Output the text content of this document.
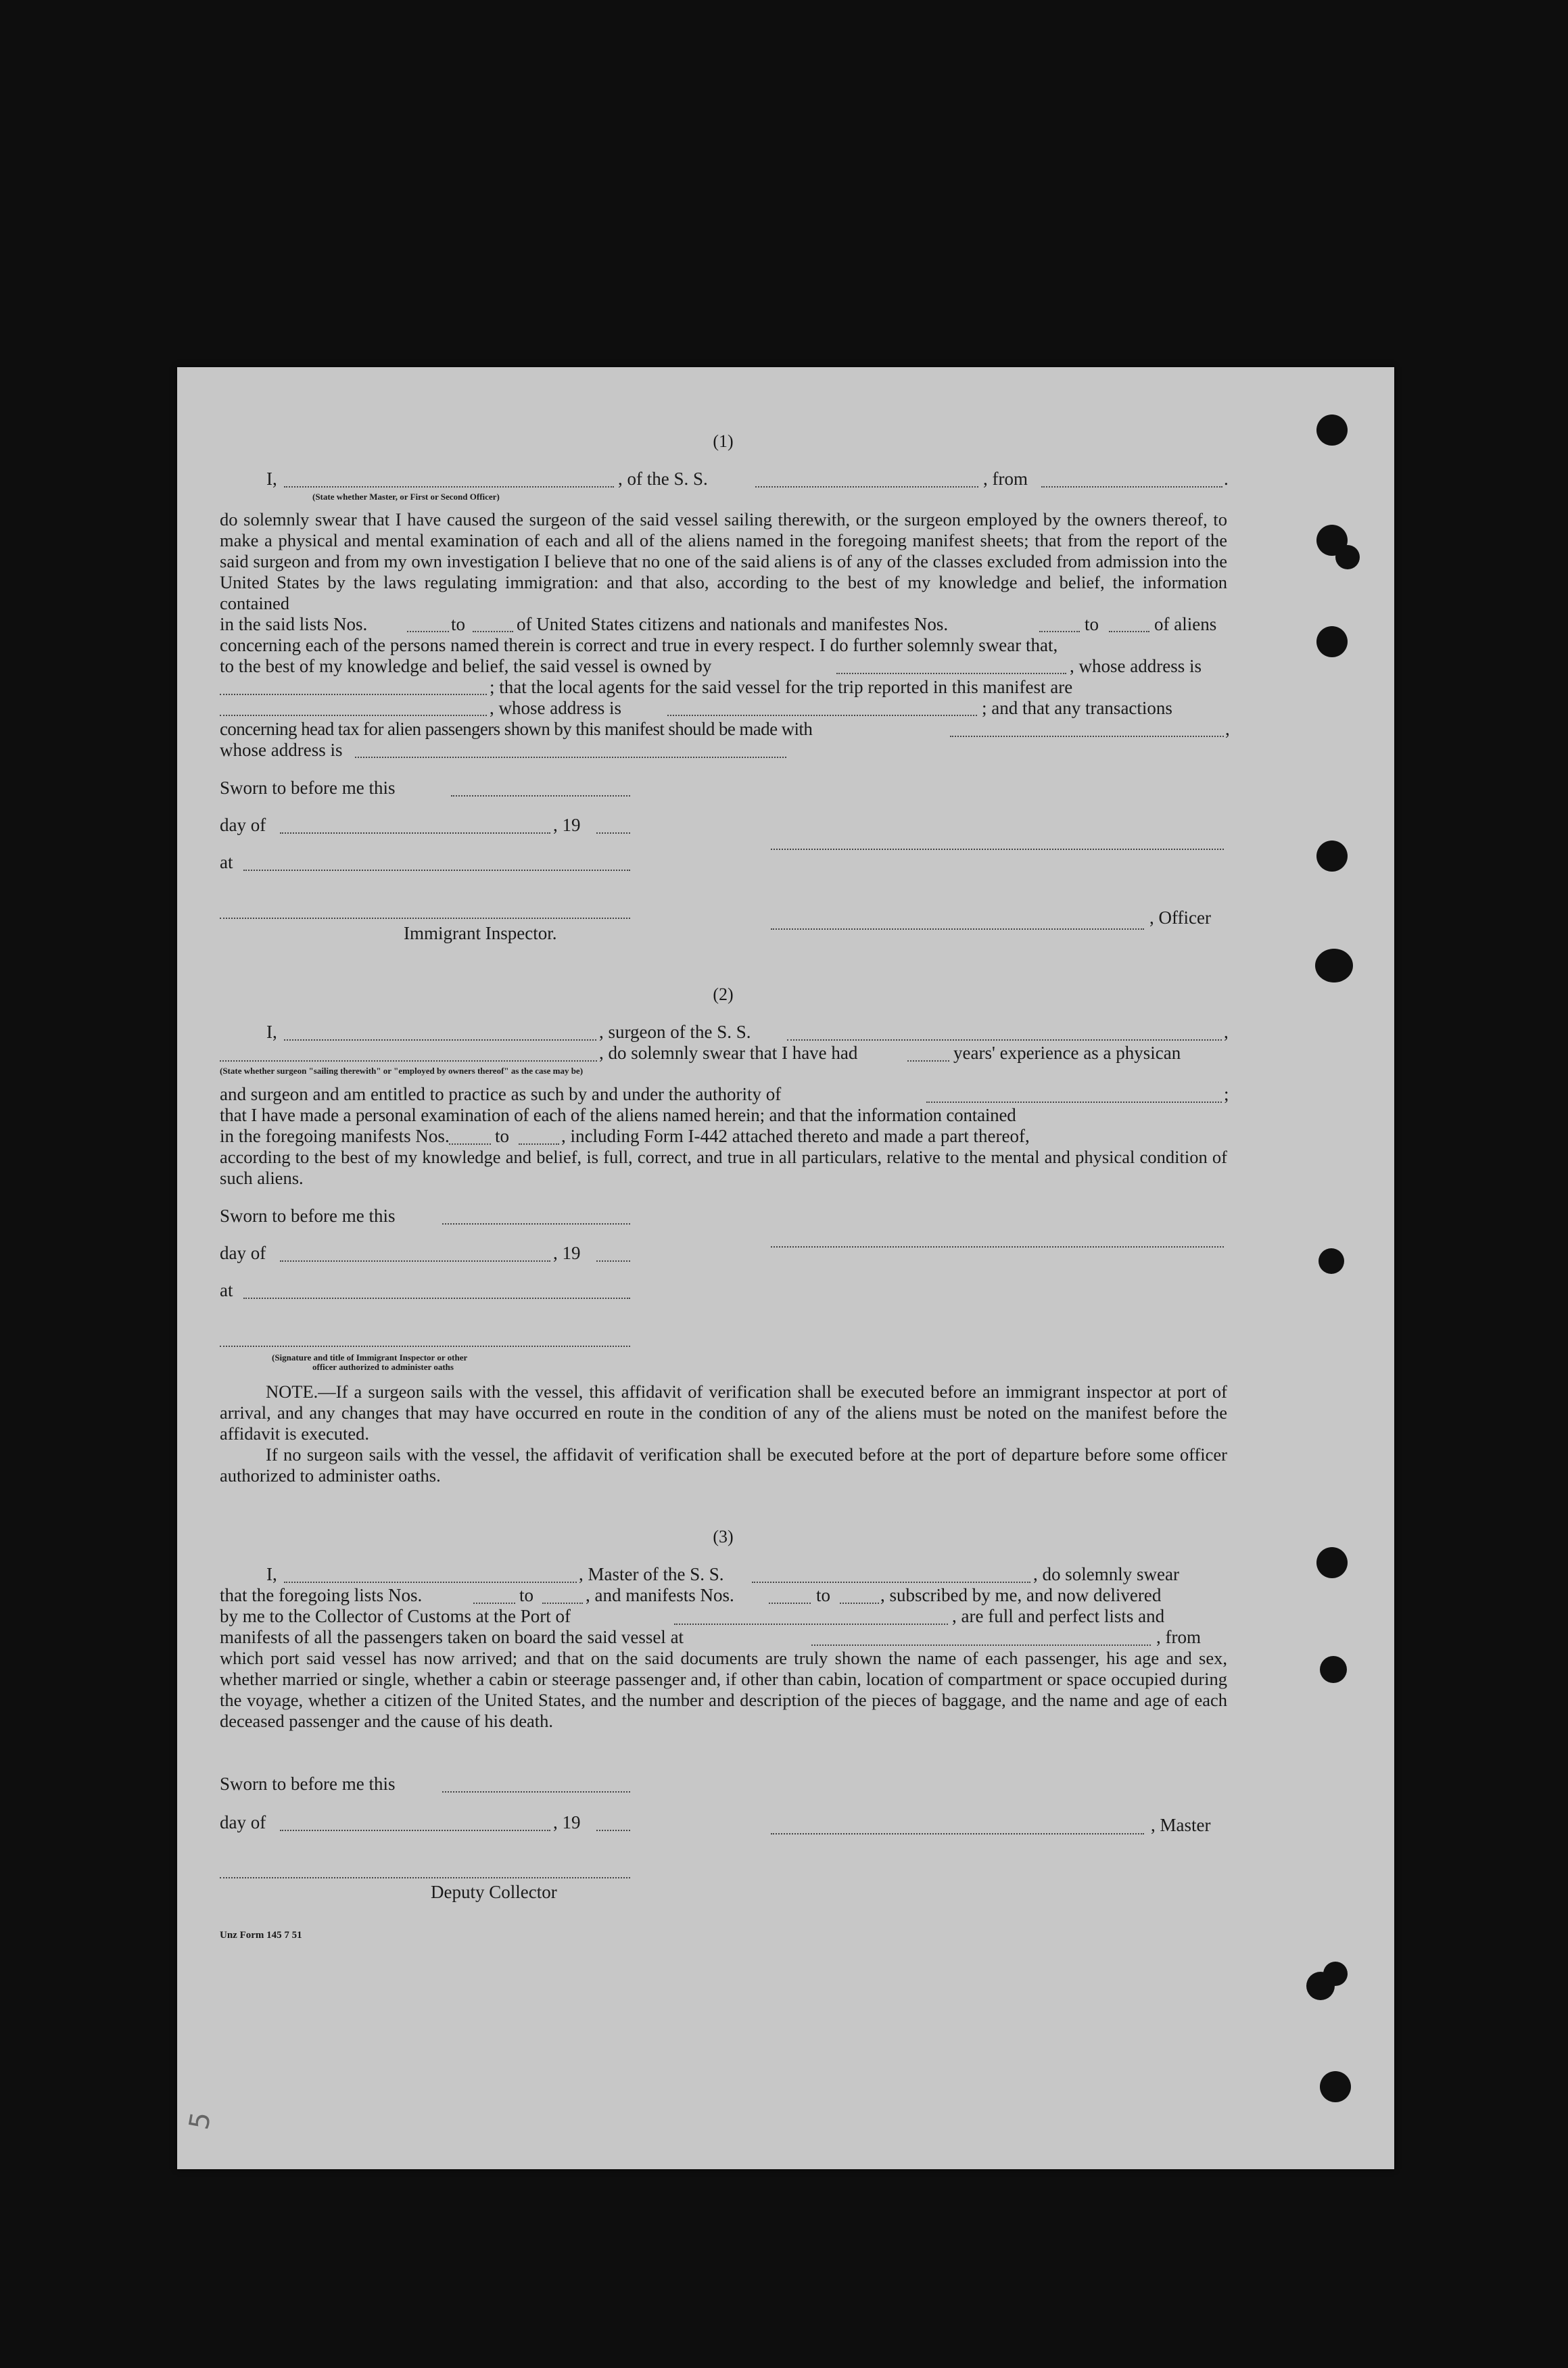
(1)
I,	, of the S. S.	, from	.
(State whether Master, or First or Second Officer)
do solemnly swear that I have caused the surgeon of the said vessel sailing therewith, or the surgeon employed by the owners thereof, to make a physical and mental examination of each and all of the aliens named in the foregoing manifest sheets; that from the report of the said surgeon and from my own investigation I believe that no one of the said aliens is of any of the classes excluded from admission into the United States by the laws regulating immigration: and that also, according to the best of my knowledge and belief, the information contained
in the said lists Nos.	to	of United States citizens and nationals and manifestes Nos.	to	of aliens
concerning each of the persons named therein is correct and true in every respect. I do further solemnly swear that,
to the best of my knowledge and belief, the said vessel is owned by	, whose address is
; that the local agents for the said vessel for the trip reported in this manifest are
, whose address is	; and that any transactions
concerning head tax for alien passengers shown by this manifest should be made with	,
whose address is
Sworn to before me this
day of	, 19
at
, Officer
Immigrant Inspector.
(2)
I,	, surgeon of the S. S.	,
, do solemnly swear that I have had	years' experience as a physican
(State whether surgeon "sailing therewith" or "employed by owners thereof" as the case may be)
and surgeon and am entitled to practice as such by and under the authority of	;
that I have made a personal examination of each of the aliens named herein; and that the information contained
in the foregoing manifests Nos. to	, including Form I-442 attached thereto and made a part thereof,
according to the best of my knowledge and belief, is full, correct, and true in all particulars, relative to the mental and physical condition of such aliens.
Sworn to before me this
day of	, 19
at
(Signature and title of Immigrant Inspector or other
officer authorized to administer oaths
NOTE.—If a surgeon sails with the vessel, this affidavit of verification shall be executed before an immigrant inspector at port of arrival, and any changes that may have occurred en route in the condition of any of the aliens must be noted on the manifest before the affidavit is executed.
If no surgeon sails with the vessel, the affidavit of verification shall be executed before at the port of departure before some officer authorized to administer oaths.
(3)
I,	, Master of the S. S.	, do solemnly swear
that the foregoing lists Nos.	to	, and manifests Nos.	to	, subscribed by me, and now delivered
by me to the Collector of Customs at the Port of	, are full and perfect lists and
manifests of all the passengers taken on board the said vessel at	, from
which port said vessel has now arrived; and that on the said documents are truly shown the name of each passenger, his age and sex, whether married or single, whether a cabin or steerage passenger and, if other than cabin, location of compartment or space occupied during the voyage, whether a citizen of the United States, and the number and description of the pieces of baggage, and the name and age of each deceased passenger and the cause of his death.
Sworn to before me this
day of	, 19	, Master
Deputy Collector
Unz Form 145 7 51
5
